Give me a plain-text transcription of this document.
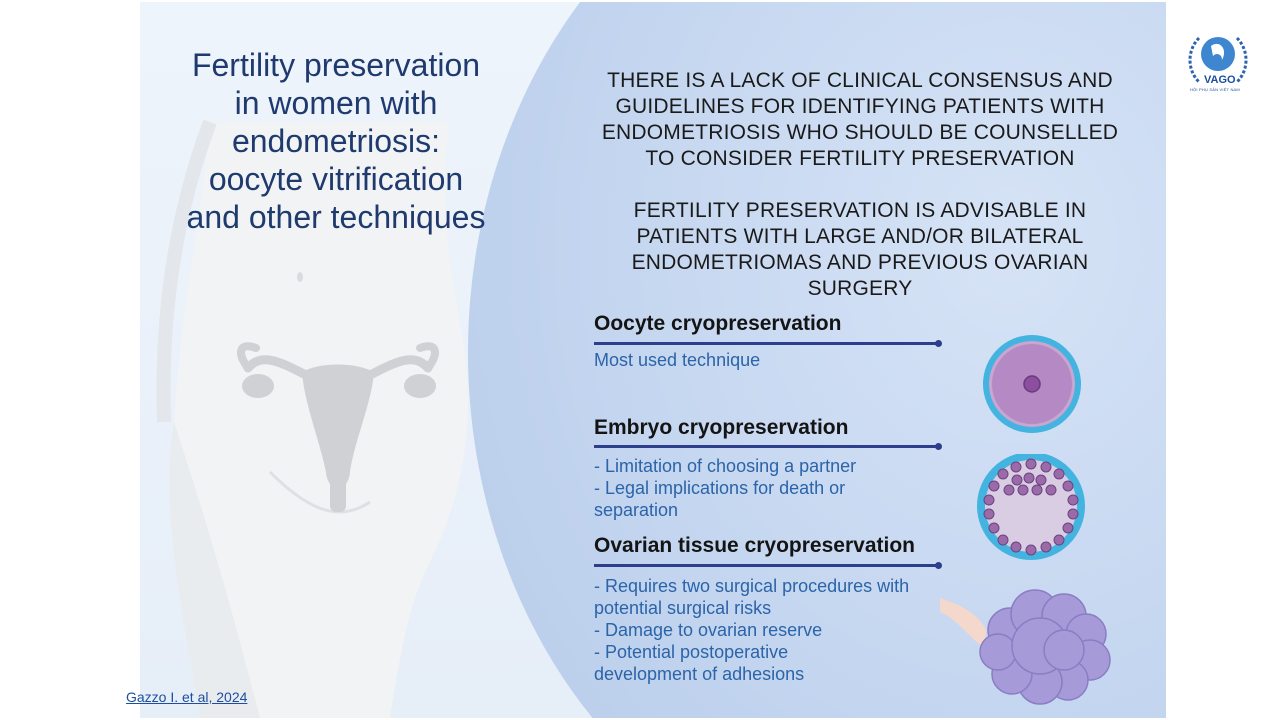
Fertility preservation
in women with
endometriosis:
oocyte vitrification
and other techniques
THERE IS A LACK OF CLINICAL CONSENSUS AND
GUIDELINES FOR IDENTIFYING PATIENTS WITH
ENDOMETRIOSIS WHO SHOULD BE COUNSELLED
TO CONSIDER FERTILITY PRESERVATION
FERTILITY PRESERVATION IS ADVISABLE IN
PATIENTS WITH LARGE AND/OR BILATERAL
ENDOMETRIOMAS AND PREVIOUS OVARIAN
SURGERY
Oocyte cryopreservation
Most used technique
Embryo cryopreservation
- Limitation of choosing a partner
- Legal implications for death or
separation
Ovarian tissue cryopreservation
- Requires two surgical procedures with
potential surgical risks
- Damage to ovarian reserve
- Potential postoperative
development of adhesions
VAGO
HỘI PHỤ SẢN VIỆT NAM
Gazzo I. et al, 2024
